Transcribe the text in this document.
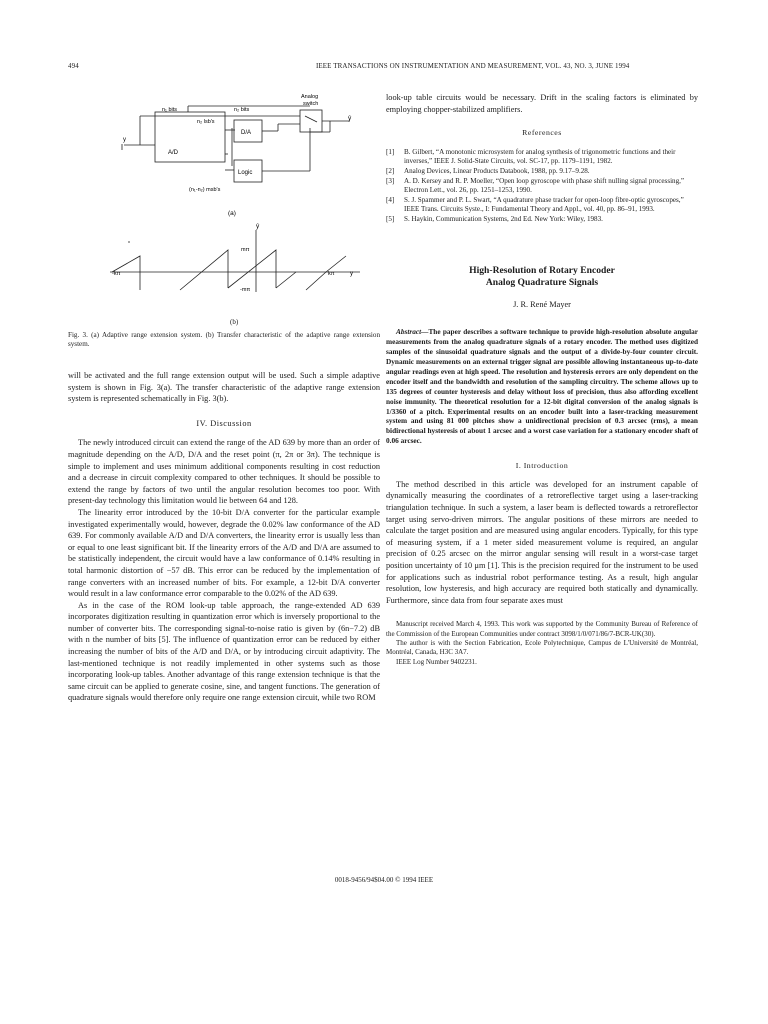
494	IEEE TRANSACTIONS ON INSTRUMENTATION AND MEASUREMENT, VOL. 43, NO. 3, JUNE 1994
n₁ bits	n₂ bits
Analog
switch
n₂ lsb's
y
ŷ
A/D
D/A
Logic
(n₁-n₂) msb's
(a)
ŷ
mπ
-mπ
-kπ	kπ	y
(b)
Fig. 3. (a) Adaptive range extension system. (b) Transfer characteristic of the adaptive range extension system.

will be activated and the full range extension output will be used. Such a simple adaptive system is shown in Fig. 3(a). The transfer characteristic of the adaptive range extension system is represented schematically in Fig. 3(b).

IV. Discussion

The newly introduced circuit can extend the range of the AD 639 by more than an order of magnitude depending on the A/D, D/A and the reset point (π, 2π or 3π). The technique is simple to implement and uses minimum additional components resulting in cost reduction and a decrease in circuit complexity compared to other techniques. It should be possible to extend the range by factors of two until the angular resolution becomes too poor. With present-day technology this limitation would lie between 64 and 128.

The linearity error introduced by the 10-bit D/A converter for the particular example investigated experimentally would, however, degrade the 0.02% law conformance of the AD 639. For commonly available A/D and D/A converters, the linearity error is usually less than or equal to one least significant bit. If the linearity errors of the A/D and D/A are assumed to be statistically independent, the circuit would have a law conformance of 0.14% resulting in total harmonic distortion of −57 dB. This error can be reduced by the implementation of range converters with an increased number of bits. For example, a 12-bit D/A converter would result in a law conformance error comparable to the 0.02% of the AD 639.

As in the case of the ROM look-up table approach, the range-extended AD 639 incorporates digitization resulting in quantization error which is inversely proportional to the number of converter bits. The corresponding signal-to-noise ratio is given by (6n−7.2) dB with n the number of bits [5]. The influence of quantization error can be reduced by either increasing the number of bits of the A/D and D/A, or by introducing circuit adaptivity. The last-mentioned technique is not readily implemented in other systems such as those incorporating look-up tables. Another advantage of this range extension technique is that the same circuit can be applied to generate cosine, sine, and tangent functions. The generation of quadrature signals would therefore only require one range extension circuit, while two ROM

look-up table circuits would be necessary. Drift in the scaling factors is eliminated by employing chopper-stabilized amplifiers.

References
[1] B. Gilbert, “A monotonic microsystem for analog synthesis of trigonometric functions and their inverses,” IEEE J. Solid-State Circuits, vol. SC-17, pp. 1179–1191, 1982.
[2] Analog Devices, Linear Products Databook, 1988, pp. 9.17–9.28.
[3] A. D. Kersey and R. P. Moeller, “Open loop gyroscope with phase shift nulling signal processing,” Electron Lett., vol. 26, pp. 1251–1253, 1990.
[4] S. J. Spammer and P. L. Swart, “A quadrature phase tracker for open-loop fibre-optic gyroscopes,” IEEE Trans. Circuits Syste., I: Fundamental Theory and Appl., vol. 40, pp. 86–91, 1993.
[5] S. Haykin, Communication Systems, 2nd Ed. New York: Wiley, 1983.
High-Resolution of Rotary Encoder
Analog Quadrature Signals
J. R. René Mayer
Abstract—The paper describes a software technique to provide high-resolution absolute angular measurements from the analog quadrature signals of a rotary encoder. The method uses digitized samples of the sinusoidal quadrature signals and the output of a divide-by-four counter circuit. Dynamic measurements on an external trigger signal are possible allowing instantaneous up-to-date angular readings even at high speed. The resolution and hysteresis errors are only dependent on the encoder itself and the bandwidth and resolution of the sampling circuitry. The scheme allows up to 135 degrees of counter hysteresis and delay without loss of precision, thus also affording excellent noise immunity. The theoretical resolution for a 12-bit digital conversion of the analog signals is 1/3360 of a pitch. Experimental results on an encoder built into a laser-tracking measurement system and using 81 000 pitches show a unidirectional precision of 0.3 arcsec (rms), a mean bidirectional hysteresis of about 1 arcsec and a worst case variation for a stationary encoder shaft of 0.06 arcsec.
I. Introduction

The method described in this article was developed for an instrument capable of dynamically measuring the coordinates of a retroreflective target using a laser-tracking triangulation technique. In such a system, a laser beam is deflected towards a retroreflector target using servo-driven mirrors. The angular positions of these mirrors are needed to calculate the target position and are measured using angular encoders. Typically, for this type of measuring system, if a 1 meter sided measurement volume is required, an angular precision of 0.25 arcsec on the mirror angular sensing will result in a worst-case target position uncertainty of 10 μm [1]. This is the precision required for the instrument to be used for applications such as industrial robot performance testing. As a result, high angular resolution, low hysteresis, and high accuracy are required both statically and dynamically. Furthermore, since data from four separate axes must

Manuscript received March 4, 1993. This work was supported by the Community Bureau of Reference of the Commission of the European Communities under contract 3098/1/0/071/86/7-BCR-UK(30).

The author is with the Section Fabrication, Ecole Polytechnique, Campus de L'Université de Montréal, Montréal, Canada, H3C 3A7.

IEEE Log Number 9402231.

0018-9456/94$04.00 © 1994 IEEE
